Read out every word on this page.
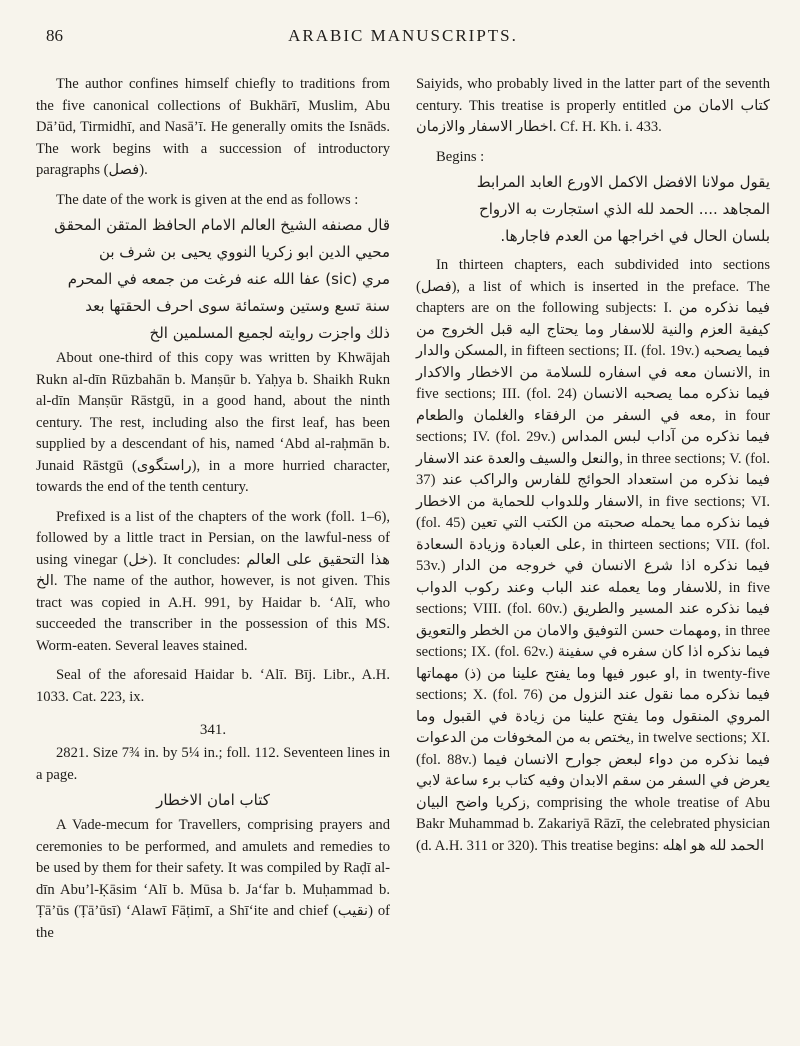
86	ARABIC MANUSCRIPTS.

The author confines himself chiefly to traditions from the five canonical collections of Bukhārī, Muslim, Abu Dā’ūd, Tirmidhī, and Nasā’ī. He generally omits the Isnāds. The work begins with a succession of introductory paragraphs (فصل).

The date of the work is given at the end as follows :

قال مصنفه الشيخ العالم الامام الحافظ المتقن المحقق
محيي الدين ابو زكريا النووي يحيى بن شرف بن
مري (sic) عفا الله عنه فرغت من جمعه في المحرم
سنة تسع وستين وستمائة سوى احرف الحقتها بعد
ذلك واجزت روايته لجميع المسلمين الخ

About one-third of this copy was written by Khwājah Rukn al-dīn Rūzbahān b. Manṣūr b. Yaḥya b. Shaikh Rukn al-dīn Manṣūr Rāstgū, in a good hand, about the ninth century. The rest, including also the first leaf, has been supplied by a descendant of his, named ‘Abd al-raḥmān b. Junaid Rāstgū (راستگوی), in a more hurried character, towards the end of the tenth century.

Prefixed is a list of the chapters of the work (foll. 1–6), followed by a little tract in Persian, on the lawful-ness of using vinegar (خل). It concludes: هذا التحقيق على العالم الخ. The name of the author, however, is not given. This tract was copied in A.H. 991, by Haidar b. ‘Alī, who succeeded the transcriber in the possession of this MS. Worm-eaten. Several leaves stained.

Seal of the aforesaid Haidar b. ‘Alī. Bīj. Libr., A.H. 1033. Cat. 223, ix.

341.

2821. Size 7¾ in. by 5¼ in.; foll. 112. Seventeen lines in a page.

كتاب امان الاخطار

A Vade-mecum for Travellers, comprising prayers and ceremonies to be performed, and amulets and remedies to be used by them for their safety. It was compiled by Raḍī al-dīn Abu’l-Ḳāsim ‘Alī b. Mūsa b. Ja‘far b. Muḥammad b. Ṭā’ūs (Ṭā’ūsī) ‘Alawī Fāṭimī, a Shī‘ite and chief (نقيب) of the

Saiyids, who probably lived in the latter part of the seventh century. This treatise is properly entitled كتاب الامان من اخطار الاسفار والازمان. Cf. H. Kh. i. 433.

Begins :

يقول مولانا الافضل الاكمل الاورع العابد المرابط
المجاهد .... الحمد لله الذي استجارت به الارواح
بلسان الحال في اخراجها من العدم فاجارها.

In thirteen chapters, each subdivided into sections (فصل), a list of which is inserted in the preface. The chapters are on the following subjects: I. فيما نذكره من كيفية العزم والنية للاسفار وما يحتاج اليه قبل الخروج من المسكن والدار, in fifteen sections; II. (fol. 19v.) فيما يصحبه الانسان معه في اسفاره للسلامة من الاخطار والاكدار, in five sections; III. (fol. 24) فيما نذكره مما يصحبه الانسان معه في السفر من الرفقاء والغلمان والطعام, in four sections; IV. (fol. 29v.) فيما نذكره من آداب لبس المداس والنعل والسيف والعدة عند الاسفار, in three sections; V. (fol. 37) فيما نذكره من استعداد الحوائج للفارس والراكب عند الاسفار وللدواب للحماية من الاخطار, in five sections; VI. (fol. 45) فيما نذكره مما يحمله صحبته من الكتب التي تعين على العبادة وزيادة السعادة, in thirteen sections; VII. (fol. 53v.) فيما نذكره اذا شرع الانسان في خروجه من الدار للاسفار وما يعمله عند الباب وعند ركوب الدواب, in five sections; VIII. (fol. 60v.) فيما نذكره عند المسير والطريق ومهمات حسن التوفيق والامان من الخطر والتعويق, in three sections; IX. (fol. 62v.) فيما نذكره اذا كان سفره في سفينة او عبور فيها وما يفتح علينا من (ذ) مهماتها, in twenty-five sections; X. (fol. 76) فيما نذكره مما نقول عند النزول من المروي المنقول وما يفتح علينا من زيادة في القبول وما يختص به من المخوفات من الدعوات, in twelve sections; XI. (fol. 88v.) فيما نذكره من دواء لبعض جوارح الانسان فيما يعرض في السفر من سقم الابدان وفيه كتاب برء ساعة لابي زكريا واضح البيان, comprising the whole treatise of Abu Bakr Muhammad b. Zakariyā Rāzī, the celebrated physician (d. A.H. 311 or 320). This treatise begins: الحمد لله هو اهله
